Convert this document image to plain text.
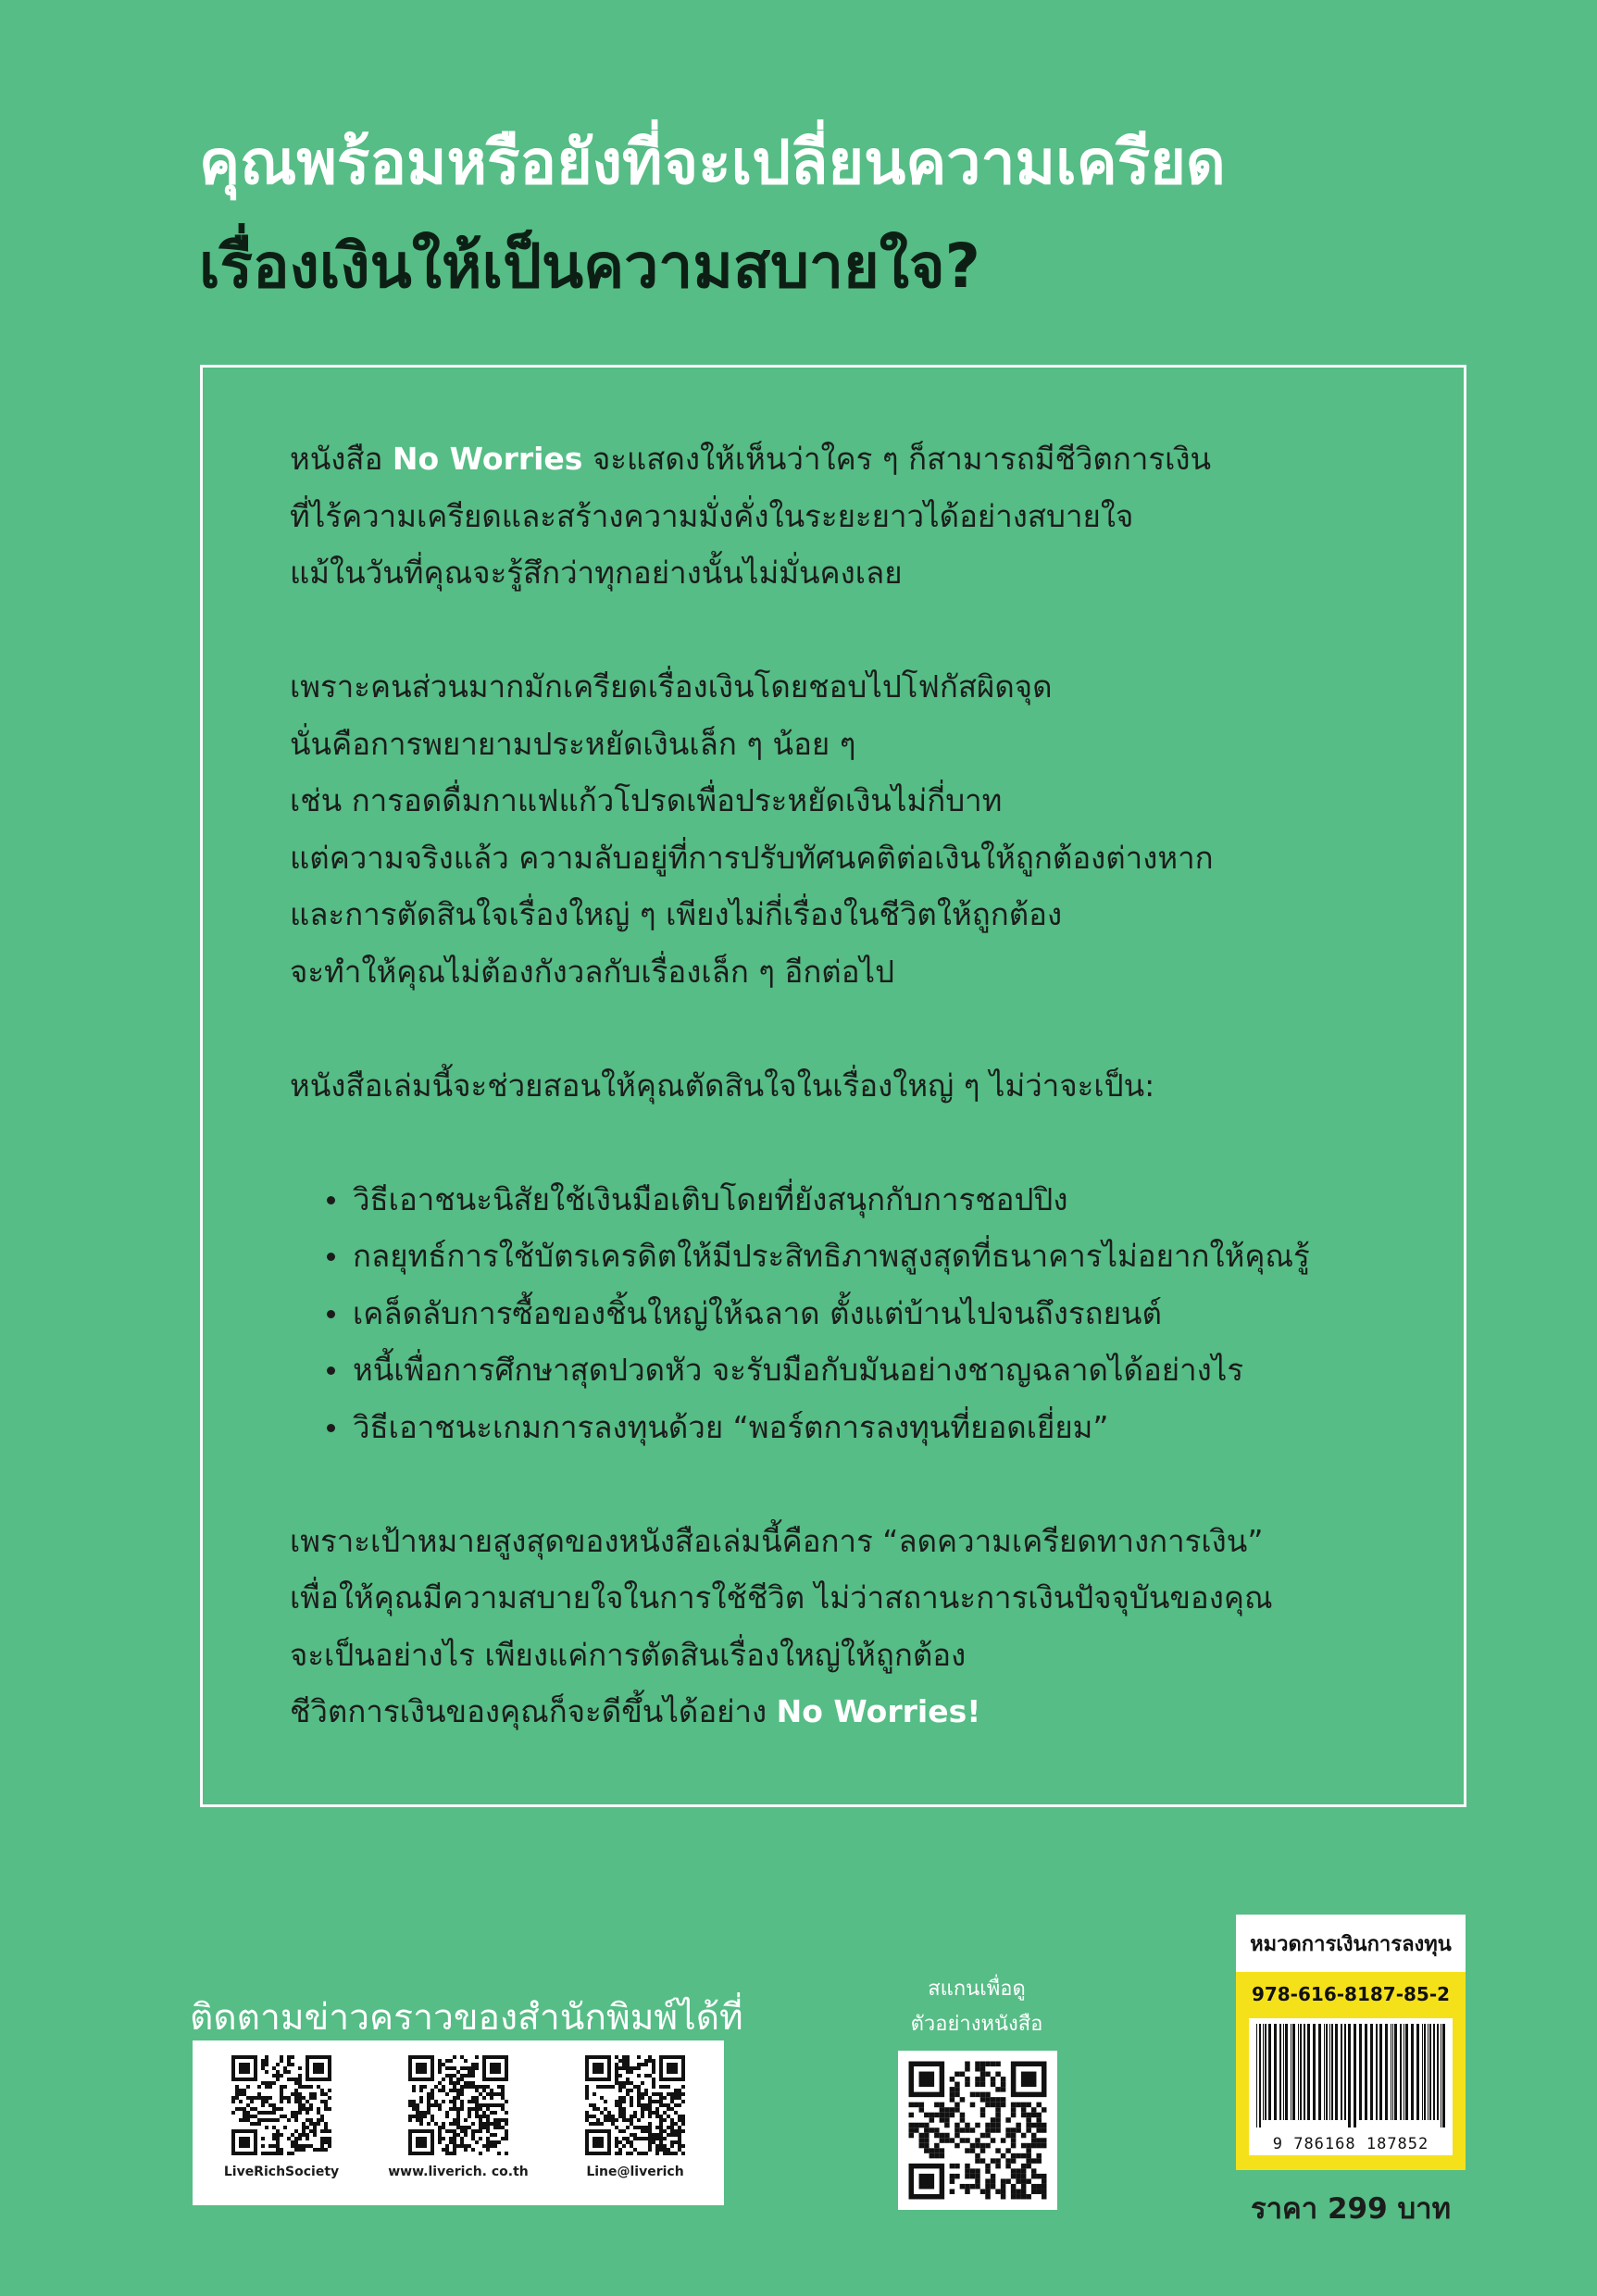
คุณพร้อมหรือยังที่จะเปลี่ยนความเครียด
เรื่องเงินให้เป็นความสบายใจ?
หนังสือ No Worries จะแสดงให้เห็นว่าใคร ๆ ก็สามารถมีชีวิตการเงิน
ที่ไร้ความเครียดและสร้างความมั่งคั่งในระยะยาวได้อย่างสบายใจ
แม้ในวันที่คุณจะรู้สึกว่าทุกอย่างนั้นไม่มั่นคงเลย
เพราะคนส่วนมากมักเครียดเรื่องเงินโดยชอบไปโฟกัสผิดจุด
นั่นคือการพยายามประหยัดเงินเล็ก ๆ น้อย ๆ
เช่น การอดดื่มกาแฟแก้วโปรดเพื่อประหยัดเงินไม่กี่บาท
แต่ความจริงแล้ว ความลับอยู่ที่การปรับทัศนคติต่อเงินให้ถูกต้องต่างหาก
และการตัดสินใจเรื่องใหญ่ ๆ เพียงไม่กี่เรื่องในชีวิตให้ถูกต้อง
จะทำให้คุณไม่ต้องกังวลกับเรื่องเล็ก ๆ อีกต่อไป
หนังสือเล่มนี้จะช่วยสอนให้คุณตัดสินใจในเรื่องใหญ่ ๆ ไม่ว่าจะเป็น:
วิธีเอาชนะนิสัยใช้เงินมือเติบโดยที่ยังสนุกกับการชอปปิง
กลยุทธ์การใช้บัตรเครดิตให้มีประสิทธิภาพสูงสุดที่ธนาคารไม่อยากให้คุณรู้
เคล็ดลับการซื้อของชิ้นใหญ่ให้ฉลาด ตั้งแต่บ้านไปจนถึงรถยนต์
หนี้เพื่อการศึกษาสุดปวดหัว จะรับมือกับมันอย่างชาญฉลาดได้อย่างไร
วิธีเอาชนะเกมการลงทุนด้วย “พอร์ตการลงทุนที่ยอดเยี่ยม”
เพราะเป้าหมายสูงสุดของหนังสือเล่มนี้คือการ “ลดความเครียดทางการเงิน”
เพื่อให้คุณมีความสบายใจในการใช้ชีวิต ไม่ว่าสถานะการเงินปัจจุบันของคุณ
จะเป็นอย่างไร เพียงแค่การตัดสินเรื่องใหญ่ให้ถูกต้อง
ชีวิตการเงินของคุณก็จะดีขึ้นได้อย่าง No Worries!
ติดตามข่าวคราวของสำนักพิมพ์ได้ที่
LiveRichSociety	www.liverich. co.th	Line@liverich
สแกนเพื่อดู
ตัวอย่างหนังสือ
หมวดการเงินการลงทุน
978-616-8187-85-2
9 786168 187852
ราคา 299 บาท
